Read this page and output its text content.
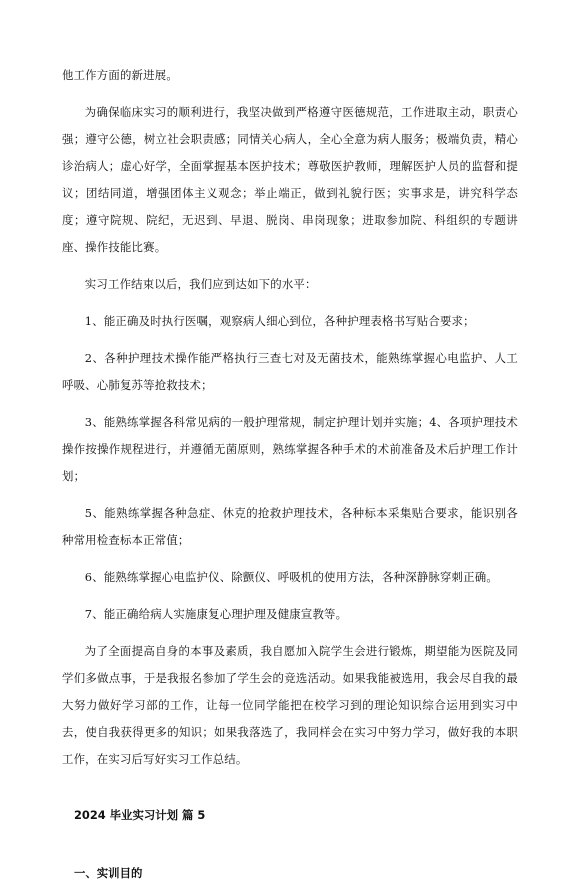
他工作方面的新进展。

为确保临床实习的顺利进行，我坚决做到严格遵守医德规范，工作进取主动，职责心强；遵守公德，树立社会职责感；同情关心病人，全心全意为病人服务；极端负责，精心诊治病人；虚心好学，全面掌握基本医护技术；尊敬医护教师，理解医护人员的监督和提议；团结同道，增强团体主义观念；举止端正，做到礼貌行医；实事求是，讲究科学态度；遵守院规、院纪，无迟到、早退、脱岗、串岗现象；进取参加院、科组织的专题讲座、操作技能比赛。

实习工作结束以后，我们应到达如下的水平：

1、能正确及时执行医嘱，观察病人细心到位，各种护理表格书写贴合要求；

2、各种护理技术操作能严格执行三查七对及无菌技术，能熟练掌握心电监护、人工呼吸、心肺复苏等抢救技术；

3、能熟练掌握各科常见病的一般护理常规，制定护理计划并实施；4、各项护理技术操作按操作规程进行，并遵循无菌原则，熟练掌握各种手术的术前准备及术后护理工作计划；

5、能熟练掌握各种急症、休克的抢救护理技术，各种标本采集贴合要求，能识别各种常用检查标本正常值；

6、能熟练掌握心电监护仪、除颤仪、呼吸机的使用方法，各种深静脉穿刺正确。

7、能正确给病人实施康复心理护理及健康宣教等。

为了全面提高自身的本事及素质，我自愿加入院学生会进行锻炼，期望能为医院及同学们多做点事，于是我报名参加了学生会的竞选活动。如果我能被选用，我会尽自我的最大努力做好学习部的工作，让每一位同学能把在校学习到的理论知识综合运用到实习中去，使自我获得更多的知识；如果我落选了，我同样会在实习中努力学习，做好我的本职工作，在实习后写好实习工作总结。

2024 毕业实习计划 篇 5
一、实训目的
